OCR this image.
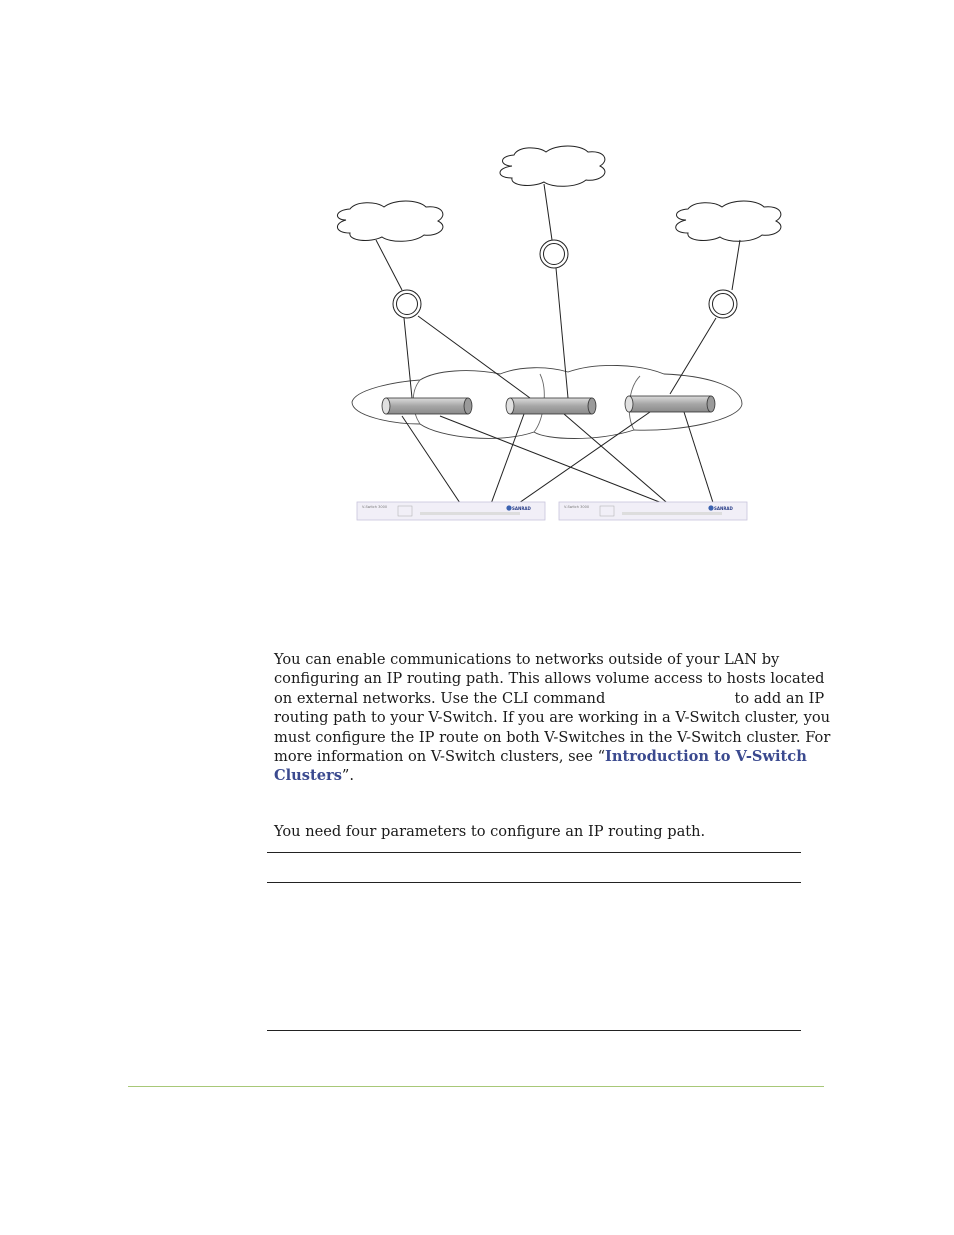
V-Switch 3000	SANRAD	V-Switch 3000	SANRAD

You can enable communications to networks outside of your LAN by configuring an IP routing path. This allows volume access to hosts located on external networks. Use the CLI command	to add an IP routing path to your V-Switch. If you are working in a V-Switch cluster, you must configure the IP route on both V-Switches in the V-Switch cluster. For more information on V-Switch clusters, see “Introduction to V-Switch Clusters”.

You need four parameters to configure an IP routing path.
